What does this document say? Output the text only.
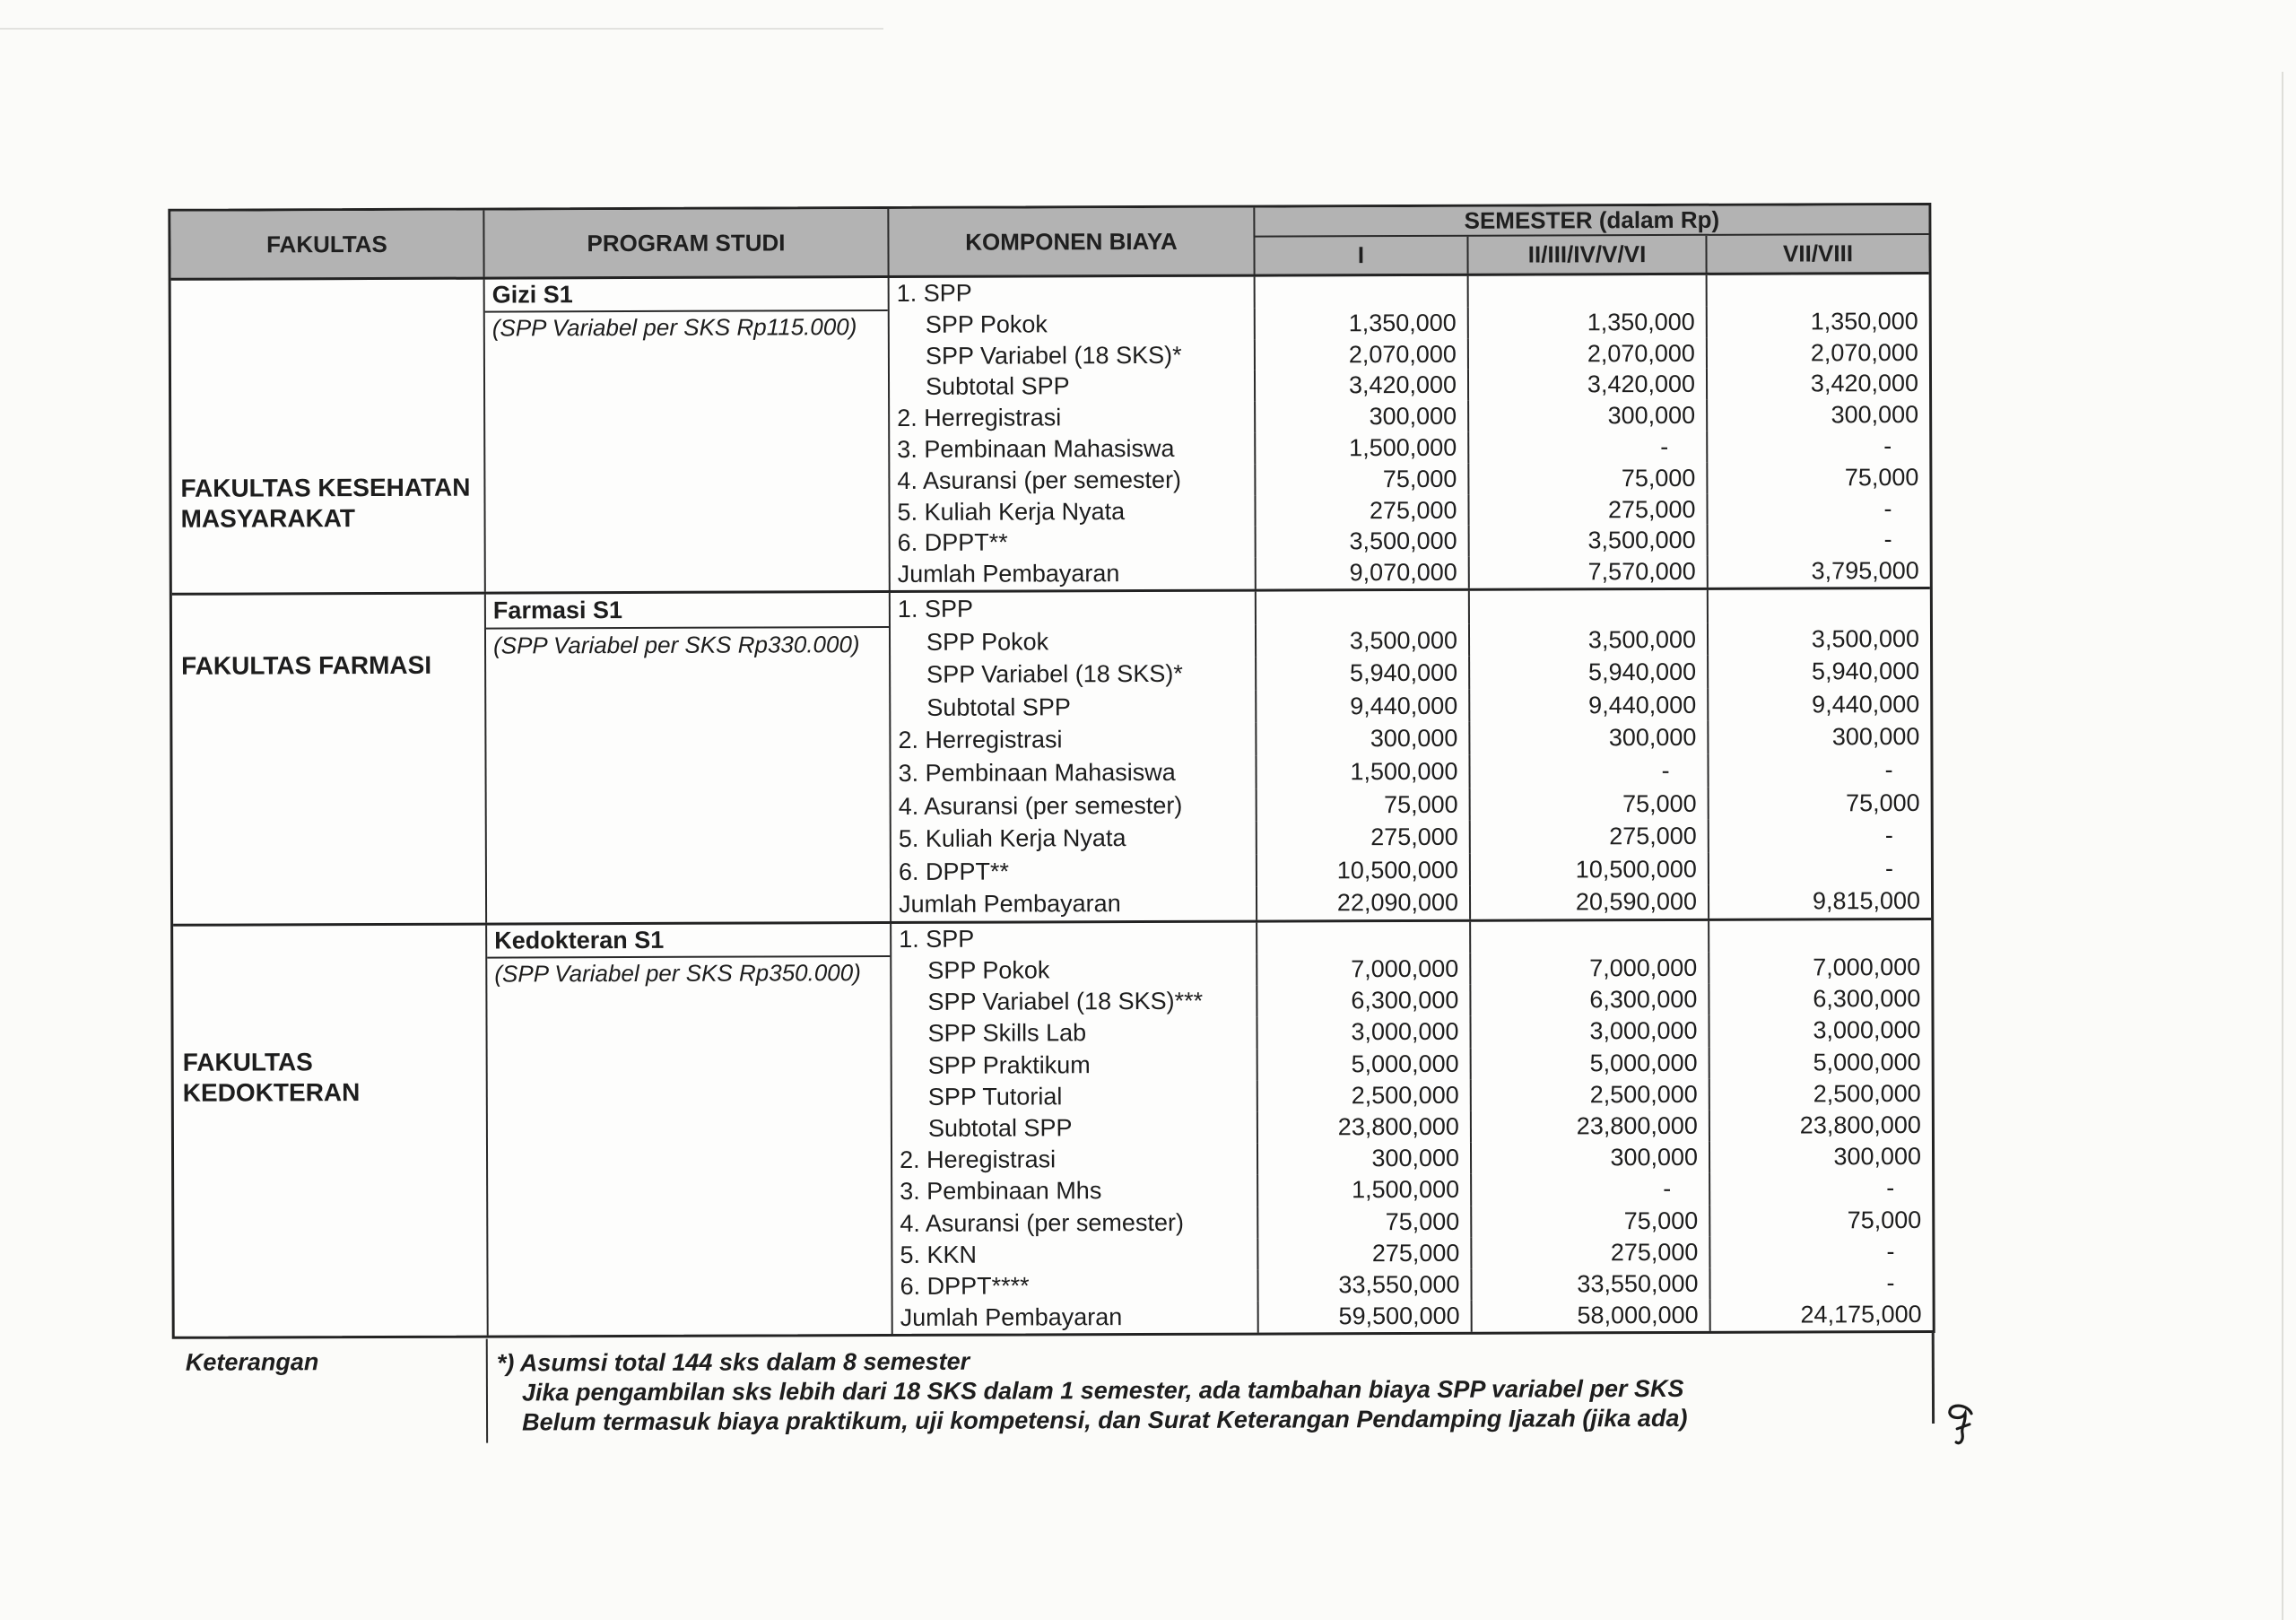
FAKULTAS	PROGRAM STUDI	KOMPONEN BIAYA
SEMESTER (dalam Rp)
I	II/III/IV/V/VI	VII/VIII
FAKULTAS KESEHATAN MASYARAKAT
Gizi S1
(SPP Variabel per SKS Rp115.000)
1. SPP
SPP Pokok	1,350,000	1,350,000	1,350,000
SPP Variabel (18 SKS)*	2,070,000	2,070,000	2,070,000
Subtotal SPP	3,420,000	3,420,000	3,420,000
2. Herregistrasi	300,000	300,000	300,000
3. Pembinaan Mahasiswa	1,500,000	-	-
4. Asuransi (per semester)	75,000	75,000	75,000
5. Kuliah Kerja Nyata	275,000	275,000	-
6. DPPT**	3,500,000	3,500,000	-
Jumlah Pembayaran	9,070,000	7,570,000	3,795,000
FAKULTAS FARMASI
Farmasi S1
(SPP Variabel per SKS Rp330.000)
1. SPP
SPP Pokok	3,500,000	3,500,000	3,500,000
SPP Variabel (18 SKS)*	5,940,000	5,940,000	5,940,000
Subtotal SPP	9,440,000	9,440,000	9,440,000
2. Herregistrasi	300,000	300,000	300,000
3. Pembinaan Mahasiswa	1,500,000	-	-
4. Asuransi (per semester)	75,000	75,000	75,000
5. Kuliah Kerja Nyata	275,000	275,000	-
6. DPPT**	10,500,000	10,500,000	-
Jumlah Pembayaran	22,090,000	20,590,000	9,815,000
FAKULTAS KEDOKTERAN
Kedokteran S1
(SPP Variabel per SKS Rp350.000)
1. SPP
SPP Pokok	7,000,000	7,000,000	7,000,000
SPP Variabel (18 SKS)***	6,300,000	6,300,000	6,300,000
SPP Skills Lab	3,000,000	3,000,000	3,000,000
SPP Praktikum	5,000,000	5,000,000	5,000,000
SPP Tutorial	2,500,000	2,500,000	2,500,000
Subtotal SPP	23,800,000	23,800,000	23,800,000
2. Heregistrasi	300,000	300,000	300,000
3. Pembinaan Mhs	1,500,000	-	-
4. Asuransi (per semester)	75,000	75,000	75,000
5. KKN	275,000	275,000	-
6. DPPT****	33,550,000	33,550,000	-
Jumlah Pembayaran	59,500,000	58,000,000	24,175,000
Keterangan	*) Asumsi total 144 sks dalam 8 semester
Jika pengambilan sks lebih dari 18 SKS dalam 1 semester, ada tambahan biaya SPP variabel per SKS
Belum termasuk biaya praktikum, uji kompetensi, dan Surat Keterangan Pendamping Ijazah (jika ada)
